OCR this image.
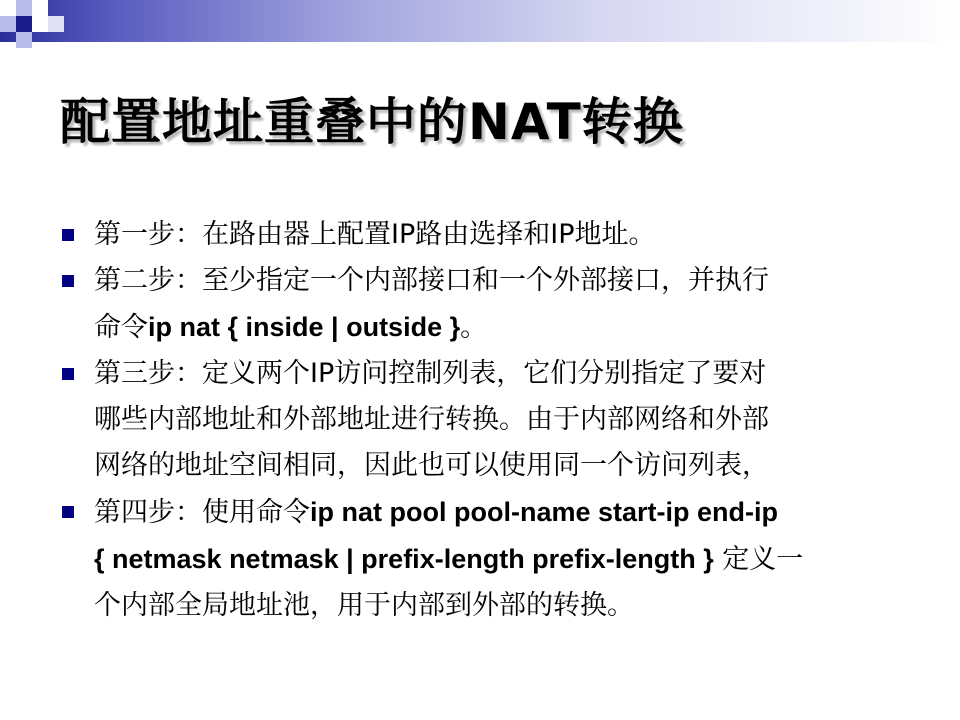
配置地址重叠中的NAT转换
第一步：在路由器上配置IP路由选择和IP地址。
第二步：至少指定一个内部接口和一个外部接口，并执行
命令ip nat { inside | outside }。
第三步：定义两个IP访问控制列表，它们分别指定了要对
哪些内部地址和外部地址进行转换。由于内部网络和外部
网络的地址空间相同，因此也可以使用同一个访问列表，
第四步：使用命令ip nat pool pool-name start-ip end-ip
{ netmask netmask | prefix-length prefix-length } 定义一
个内部全局地址池，用于内部到外部的转换。
